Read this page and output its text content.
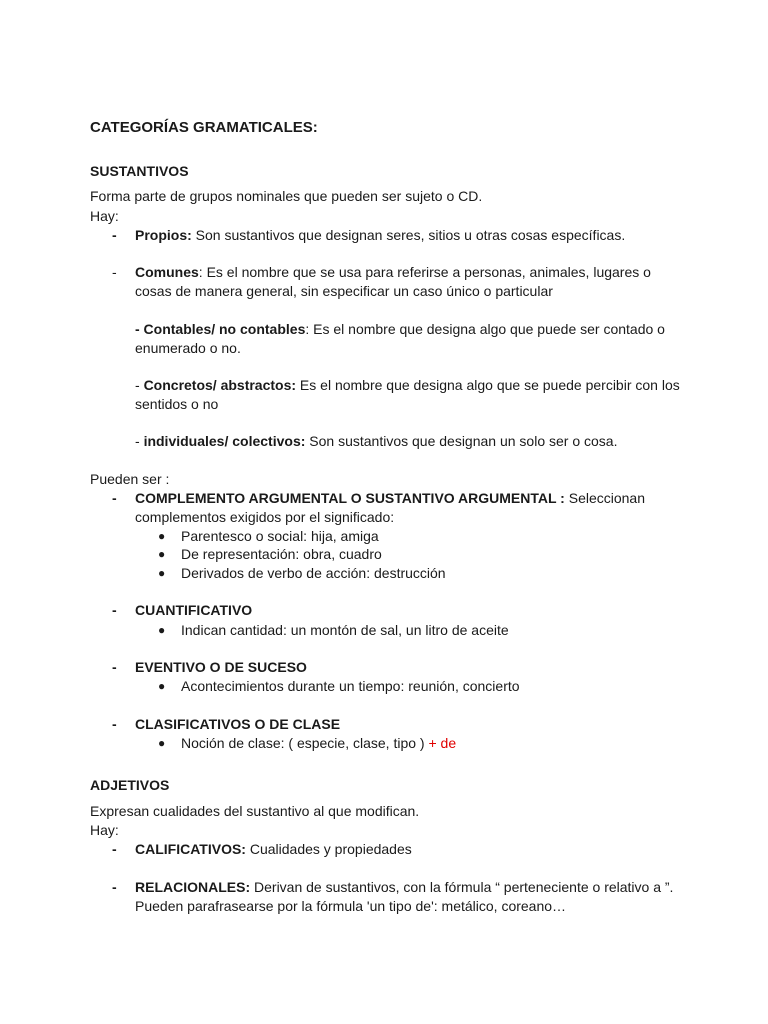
CATEGORÍAS GRAMATICALES:
SUSTANTIVOS
Forma parte de grupos nominales que pueden ser sujeto o CD.
Hay:
- Propios: Son sustantivos que designan seres, sitios u otras cosas específicas.
- Comunes: Es el nombre que se usa para referirse a personas, animales, lugares o
cosas de manera general, sin especificar un caso único o particular
- Contables/ no contables: Es el nombre que designa algo que puede ser contado o
enumerado o no.
- Concretos/ abstractos: Es el nombre que designa algo que se puede percibir con los
sentidos o no
- individuales/ colectivos: Son sustantivos que designan un solo ser o cosa.
Pueden ser :
- COMPLEMENTO ARGUMENTAL O SUSTANTIVO ARGUMENTAL : Seleccionan
complementos exigidos por el significado:
● Parentesco o social: hija, amiga
● De representación: obra, cuadro
● Derivados de verbo de acción: destrucción
- CUANTIFICATIVO
● Indican cantidad: un montón de sal, un litro de aceite
- EVENTIVO O DE SUCESO
● Acontecimientos durante un tiempo: reunión, concierto
- CLASIFICATIVOS O DE CLASE
● Noción de clase: ( especie, clase, tipo ) + de
ADJETIVOS
Expresan cualidades del sustantivo al que modifican.
Hay:
- CALIFICATIVOS: Cualidades y propiedades
- RELACIONALES: Derivan de sustantivos, con la fórmula “ perteneciente o relativo a ”.
Pueden parafrasearse por la fórmula 'un tipo de': metálico, coreano…
